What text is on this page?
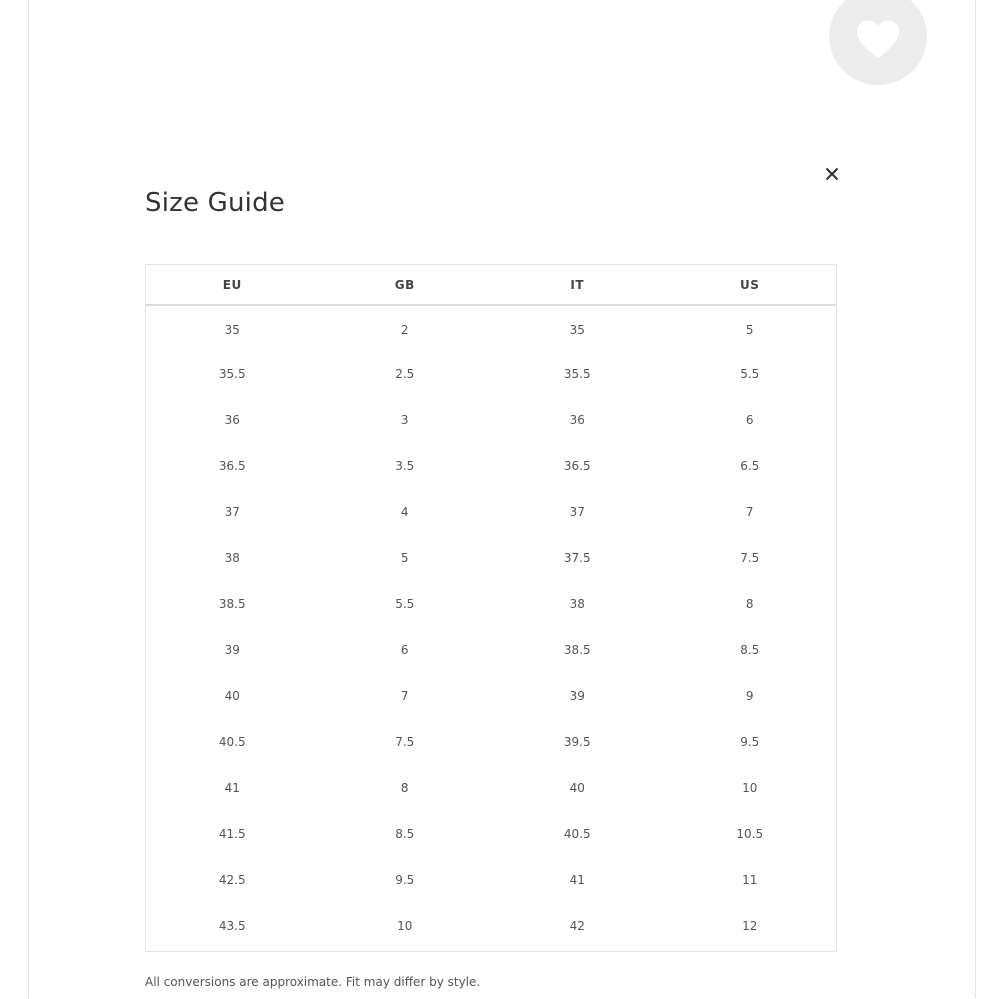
Size Guide
EU	GB	IT	US
35	2	35	5
35.5	2.5	35.5	5.5
36	3	36	6
36.5	3.5	36.5	6.5
37	4	37	7
38	5	37.5	7.5
38.5	5.5	38	8
39	6	38.5	8.5
40	7	39	9
40.5	7.5	39.5	9.5
41	8	40	10
41.5	8.5	40.5	10.5
42.5	9.5	41	11
43.5	10	42	12

All conversions are approximate. Fit may differ by style.
